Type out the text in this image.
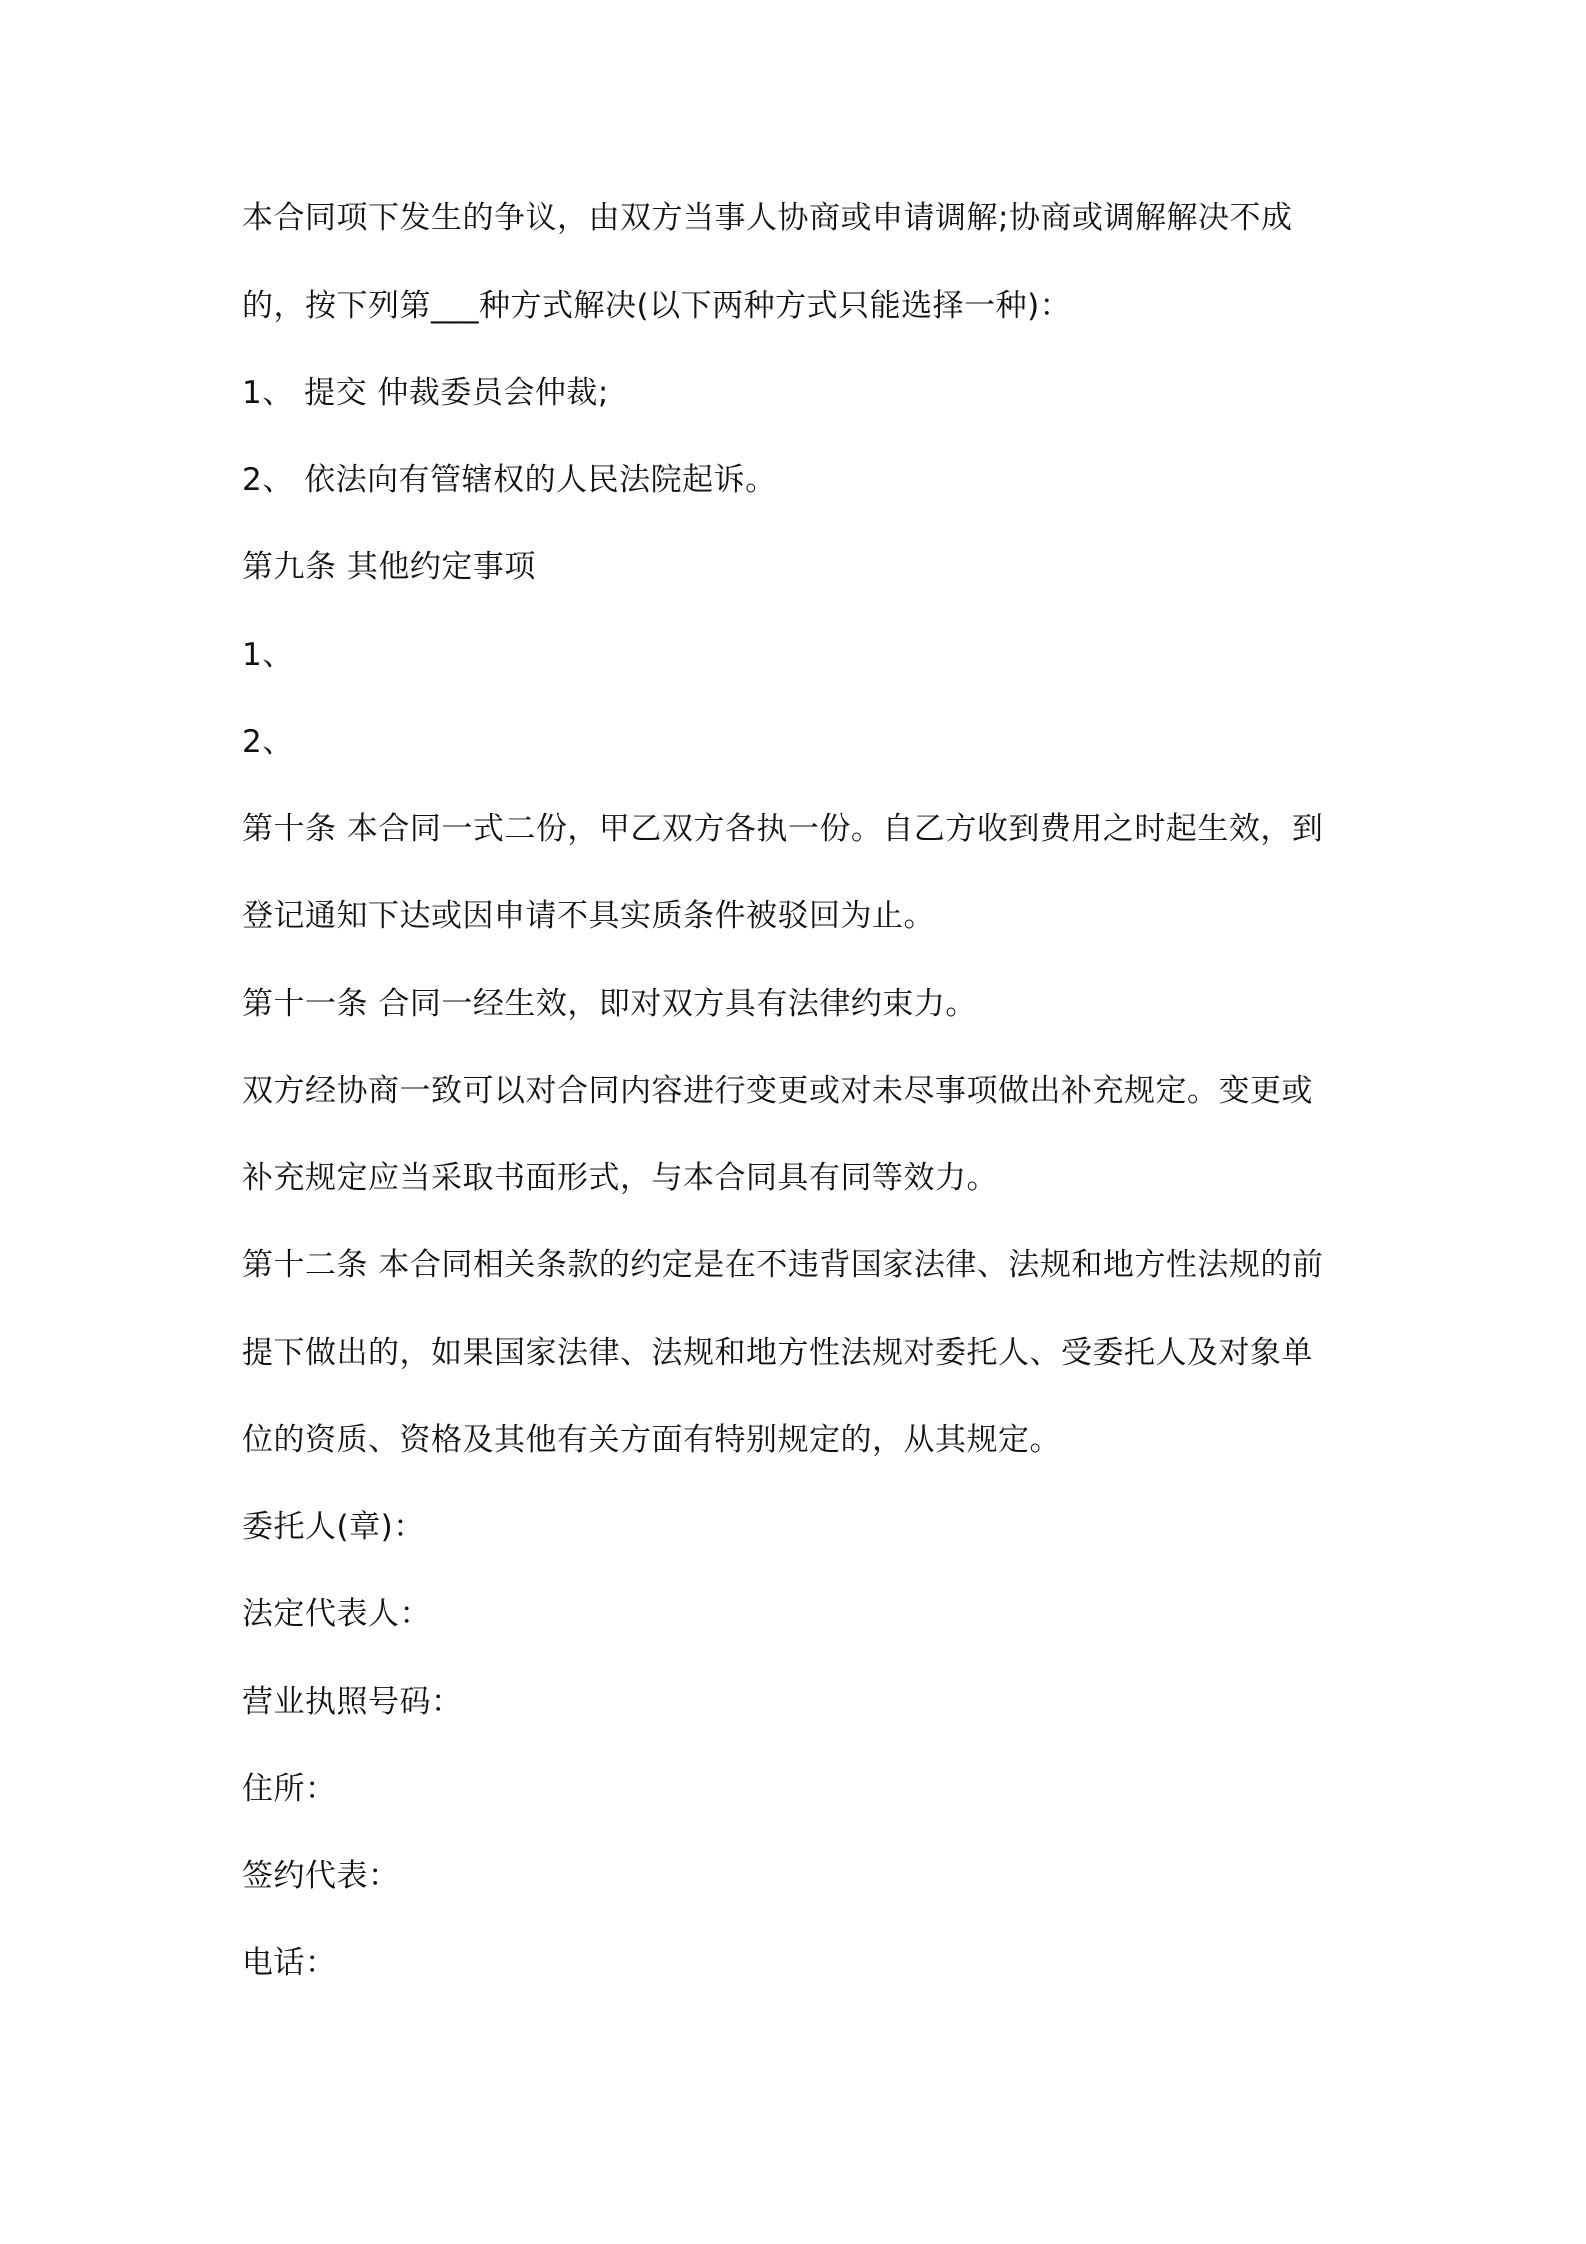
本合同项下发生的争议，由双方当事人协商或申请调解;协商或调解解决不成

的，按下列第___种方式解决(以下两种方式只能选择一种)：

1、 提交 仲裁委员会仲裁;

2、 依法向有管辖权的人民法院起诉。

第九条 其他约定事项

1、

2、

第十条 本合同一式二份，甲乙双方各执一份。自乙方收到费用之时起生效，到

登记通知下达或因申请不具实质条件被驳回为止。

第十一条 合同一经生效，即对双方具有法律约束力。

双方经协商一致可以对合同内容进行变更或对未尽事项做出补充规定。变更或

补充规定应当采取书面形式，与本合同具有同等效力。

第十二条 本合同相关条款的约定是在不违背国家法律、法规和地方性法规的前

提下做出的，如果国家法律、法规和地方性法规对委托人、受委托人及对象单

位的资质、资格及其他有关方面有特别规定的，从其规定。

委托人(章)：

法定代表人：

营业执照号码：

住所：

签约代表：

电话：
